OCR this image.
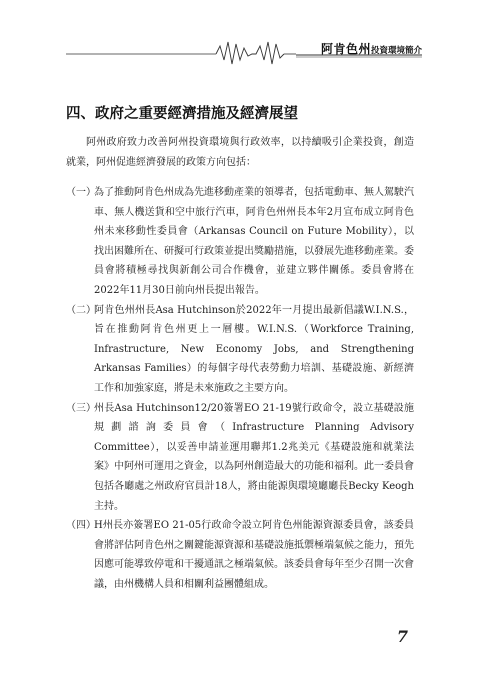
阿肯色州投資環境簡介
四、政府之重要經濟措施及經濟展望

阿州政府致力改善阿州投資環境與行政效率，以持續吸引企業投資，創造就業，阿州促進經濟發展的政策方向包括：

（一）
為了推動阿肯色州成為先進移動產業的領導者，包括電動車、無人駕駛汽車、無人機送貨和空中旅行汽車，阿肯色州州長本年2月宣布成立阿肯色州未來移動性委員會（Arkansas Council on Future Mobility），以找出困難所在、研擬可行政策並提出獎勵措施，以發展先進移動產業。委員會將積極尋找與新創公司合作機會，並建立夥伴關係。委員會將在2022年11月30日前向州長提出報告。
（二）
阿肯色州州長Asa Hutchinson於2022年一月提出最新倡議W.I.N.S.，旨在推動阿肯色州更上一層樓。W.I.N.S.（Workforce Training, Infrastructure, New Economy Jobs, and Strengthening Arkansas Families）的每個字母代表勞動力培訓、基礎設施、新經濟工作和加強家庭，將是未來施政之主要方向。
（三）
州長Asa Hutchinson12/20簽署EO 21-19號行政命令，設立基礎設施規劃諮詢委員會（Infrastructure Planning Advisory Committee），以妥善申請並運用聯邦1.2兆美元《基礎設施和就業法案》中阿州可運用之資金，以為阿州創造最大的功能和福利。此一委員會包括各廳處之州政府官員計18人，將由能源與環境廳廳長Becky Keogh主持。
（四）
H州長亦簽署EO 21-05行政命令設立阿肯色州能源資源委員會，該委員會將評估阿肯色州之關鍵能源資源和基礎設施抵禦極端氣候之能力，預先因應可能導致停電和干擾通訊之極端氣候。該委員會每年至少召開一次會議，由州機構人員和相關利益團體組成。
7
